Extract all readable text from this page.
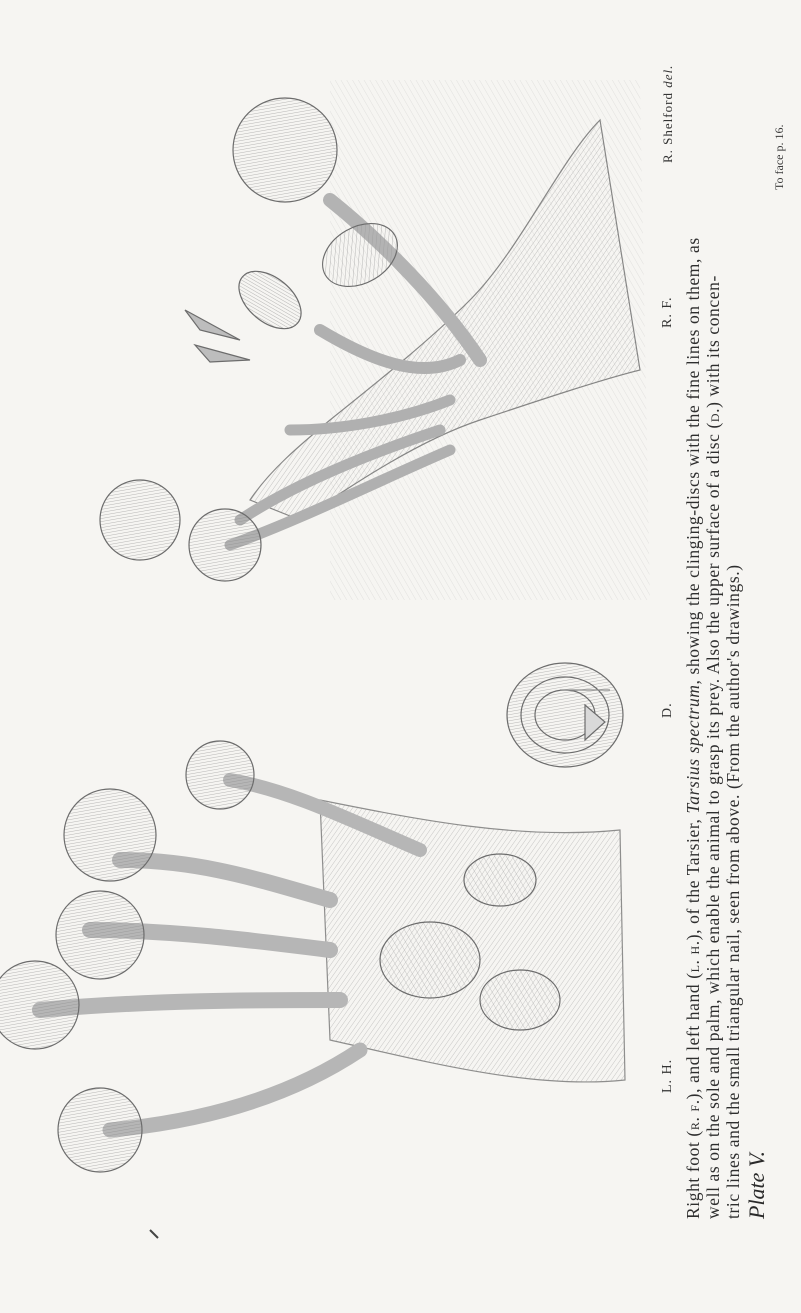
L. H.
D.
R. F.
R. Shelford del.
Right foot (r. f.), and left hand (l. h.), of the Tarsier, Tarsius spectrum, showing the clinging-discs with the fine lines on them, as well as on the sole and palm, which enable the animal to grasp its prey. Also the upper surface of a disc (d.) with its concen-
tric lines and the small triangular nail, seen from above. (From the author's drawings.) Plate V.
To face p. 16.
